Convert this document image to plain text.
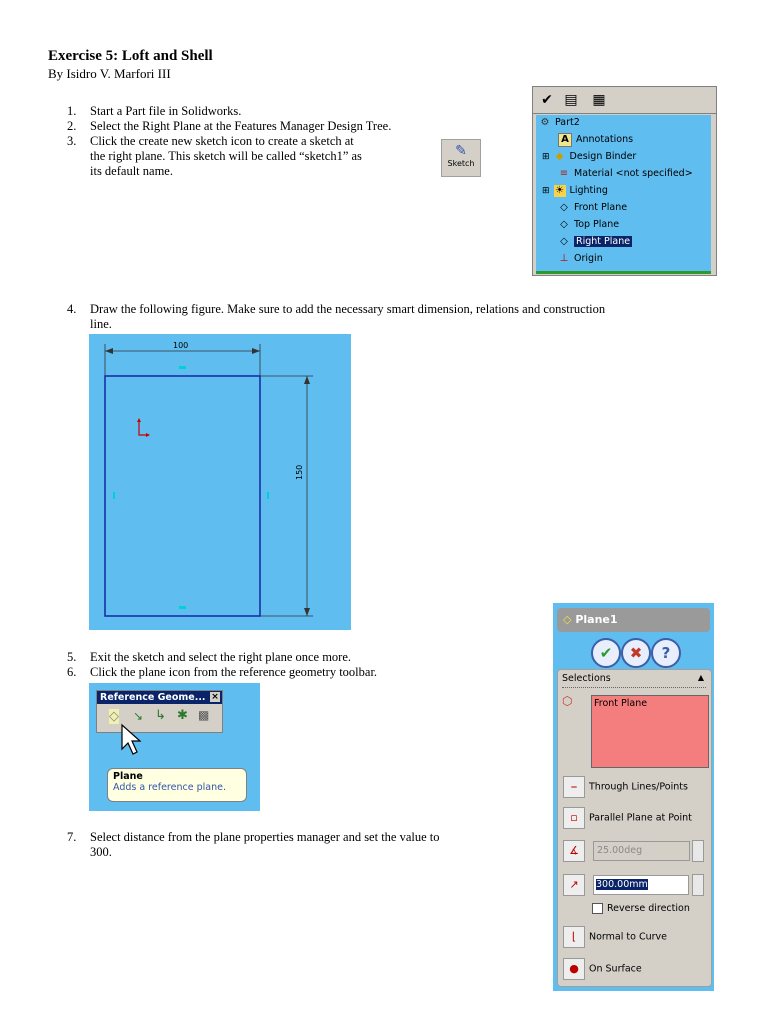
Exercise 5: Loft and Shell
By Isidro V. Marfori III
1. Start a Part file in Solidworks.
2. Select the Right Plane at the Features Manager Design Tree.
3. Click the create new sketch icon to create a sketch at
the right plane. This sketch will be called “sketch1” as
its default name.
✎
Sketch
✔ ▤ ▦
⚙ Part2
A Annotations
⊞ ◆ Design Binder
≡ Material <not specified>
⊞ ☀ Lighting
◇ Front Plane
◇ Top Plane
◇ Right Plane
⊥ Origin
4. Draw the following figure. Make sure to add the necessary smart dimension, relations and construction
line.
100
150
5. Exit the sketch and select the right plane once more.
6. Click the plane icon from the reference geometry toolbar.
Reference Geome... ×
◇ ↘ ↳ ✱ ▩
Plane
Adds a reference plane.
7. Select distance from the plane properties manager and set the value to
300.
◇ Plane1
✔	✖	?
Selections	▲
⬡	Front Plane
⎯ Through Lines/Points
▫ Parallel Plane at Point
∡	25.00deg
↗	300.00mm
Reverse direction
⌊ Normal to Curve
● On Surface
